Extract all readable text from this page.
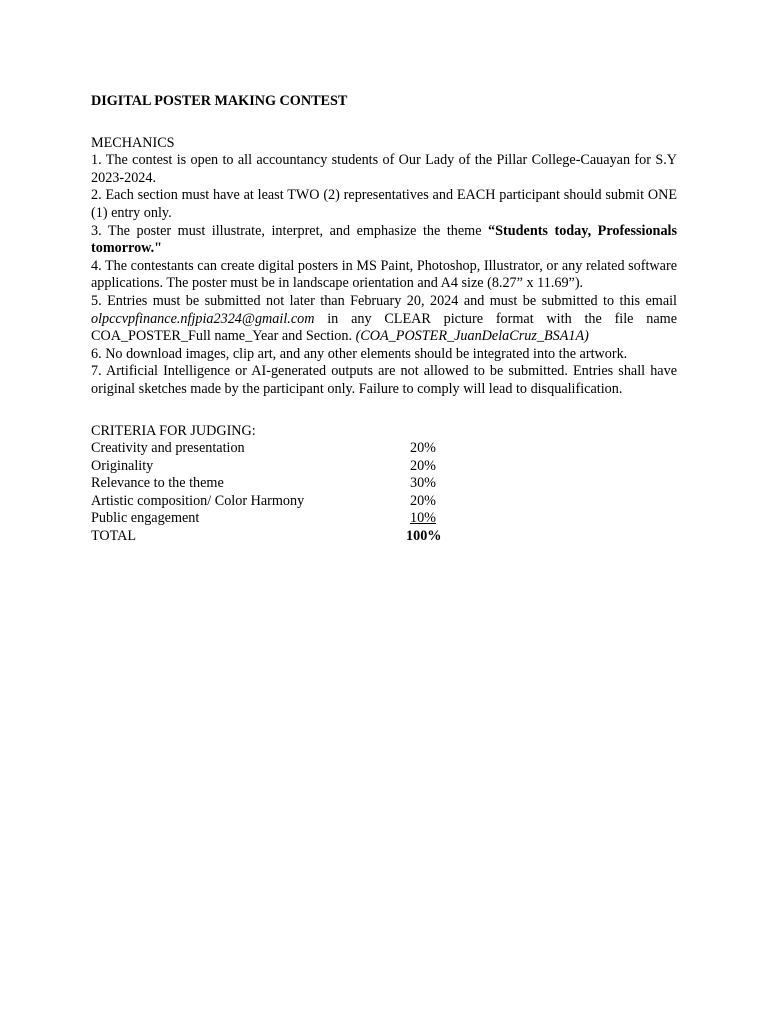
DIGITAL POSTER MAKING CONTEST

MECHANICS

1. The contest is open to all accountancy students of Our Lady of the Pillar College-Cauayan for S.Y 2023-2024.

2. Each section must have at least TWO (2) representatives and EACH participant should submit ONE (1) entry only.

3. The poster must illustrate, interpret, and emphasize the theme “Students today, Professionals tomorrow."

4. The contestants can create digital posters in MS Paint, Photoshop, Illustrator, or any related software applications. The poster must be in landscape orientation and A4 size (8.27” x 11.69”).

5. Entries must be submitted not later than February 20, 2024 and must be submitted to this email olpccvpfinance.nfjpia2324@gmail.com in any CLEAR picture format with the file name COA_POSTER_Full name_Year and Section. (COA_POSTER_JuanDelaCruz_BSA1A)

6. No download images, clip art, and any other elements should be integrated into the artwork.

7. Artificial Intelligence or AI-generated outputs are not allowed to be submitted. Entries shall have original sketches made by the participant only. Failure to comply will lead to disqualification.

CRITERIA FOR JUDGING:

Creativity and presentation	20%
Originality	20%
Relevance to the theme	30%
Artistic composition/ Color Harmony	20%
Public engagement	10%
TOTAL	100%
